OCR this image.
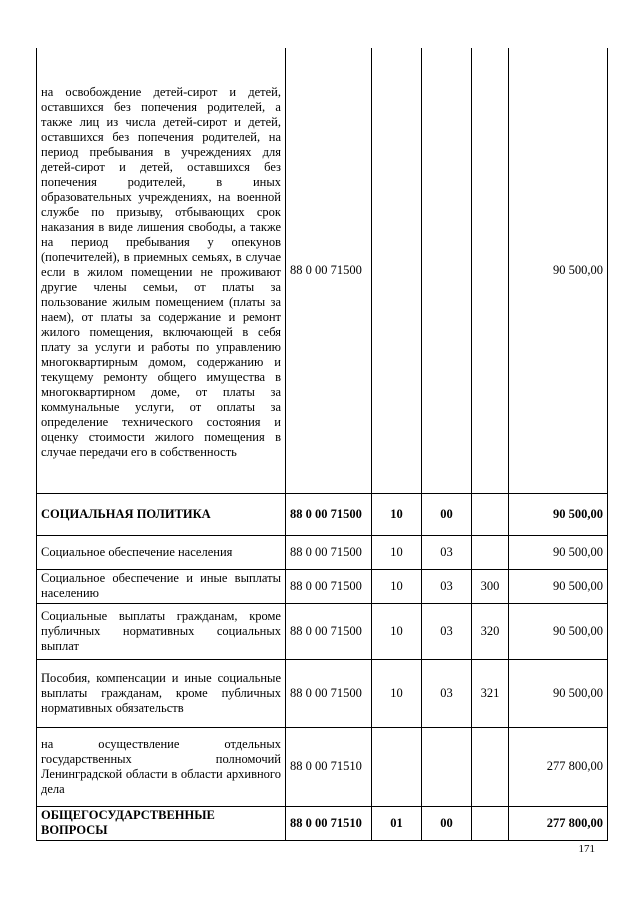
на освобождение детей-сирот и детей, оставшихся без попечения родителей, а также лиц из числа детей-сирот и детей, оставшихся без попечения родителей, на период пребывания в учреждениях для детей-сирот и детей, оставшихся без попечения родителей, в иных образовательных учреждениях, на военной службе по призыву, отбывающих срок наказания в виде лишения свободы, а также на период пребывания у опекунов (попечителей), в приемных семьях, в случае если в жилом помещении не проживают другие члены семьи, от платы за пользование жилым помещением (платы за наем), от платы за содержание и ремонт жилого помещения, включающей в себя плату за услуги и работы по управлению многоквартирным домом, содержанию и текущему ремонту общего имущества в многоквартирном доме, от платы за коммунальные услуги, от оплаты за определение технического состояния и оценку стоимости жилого помещения в случае передачи его в собственность	88 0 00 71500				90 500,00
СОЦИАЛЬНАЯ ПОЛИТИКА	88 0 00 71500	10	00		90 500,00
Социальное обеспечение населения	88 0 00 71500	10	03		90 500,00
Социальное обеспечение и иные выплаты населению	88 0 00 71500	10	03	300	90 500,00
Социальные выплаты гражданам, кроме публичных нормативных социальных выплат	88 0 00 71500	10	03	320	90 500,00
Пособия, компенсации и иные социальные выплаты гражданам, кроме публичных нормативных обязательств	88 0 00 71500	10	03	321	90 500,00
на осуществление отдельных государственных полномочий Ленинградской области в области архивного дела	88 0 00 71510				277 800,00
ОБЩЕГОСУДАРСТВЕННЫЕ ВОПРОСЫ	88 0 00 71510	01	00		277 800,00
171
